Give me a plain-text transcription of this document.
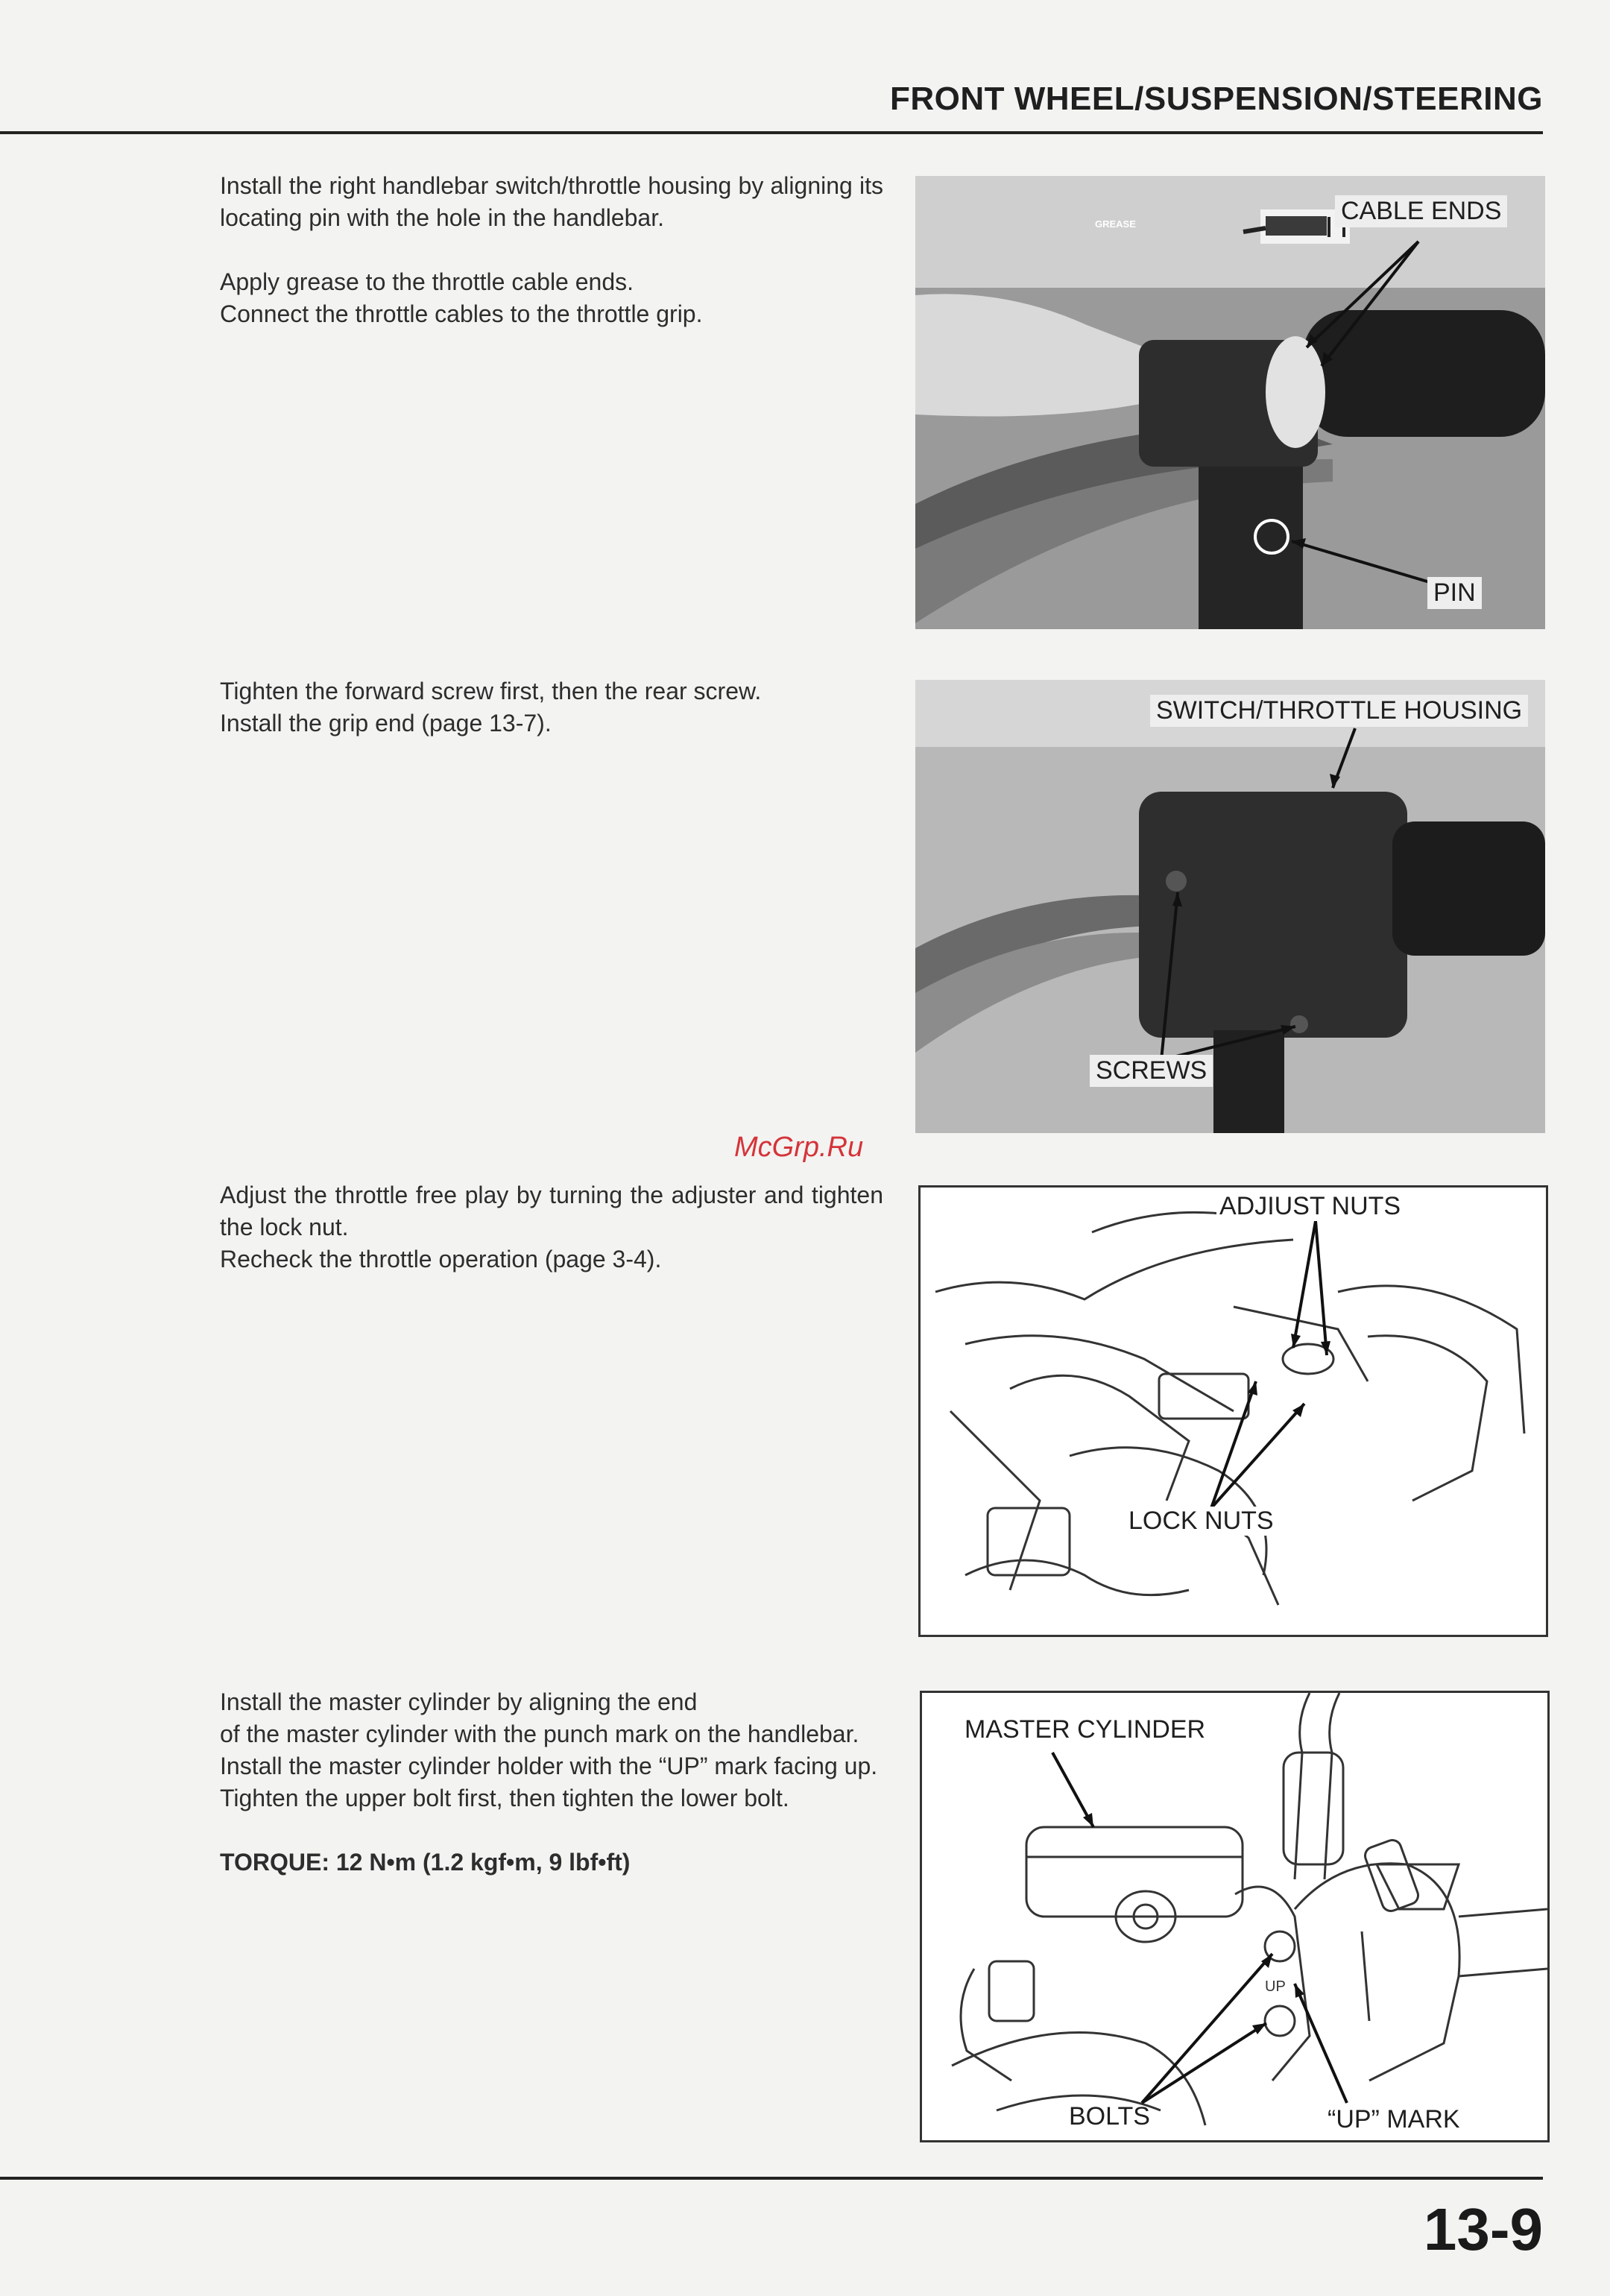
FRONT WHEEL/SUSPENSION/STEERING

Install the right handlebar switch/throttle housing by aligning its locating pin with the hole in the handlebar.

Apply grease to the throttle cable ends.

Connect the throttle cables to the throttle grip.

GREASE	CABLE ENDS
PIN

Tighten the forward screw first, then the rear screw.

Install the grip end (page 13-7).	SWITCH/THROTTLE HOUSING
SCREWS
McGrp.Ru

Adjust the throttle free play by turning the adjuster and tighten the lock nut.

Recheck the throttle operation (page 3-4).

ADJIUST NUTS
LOCK NUTS

Install the master cylinder by aligning the end

of the master cylinder with the punch mark on the handlebar.

Install the master cylinder holder with the “UP” mark facing up.

Tighten the upper bolt first, then tighten the lower bolt.

TORQUE: 12 N•m (1.2 kgf•m, 9 lbf•ft)

UP
MASTER CYLINDER
BOLTS	“UP” MARK
13-9
